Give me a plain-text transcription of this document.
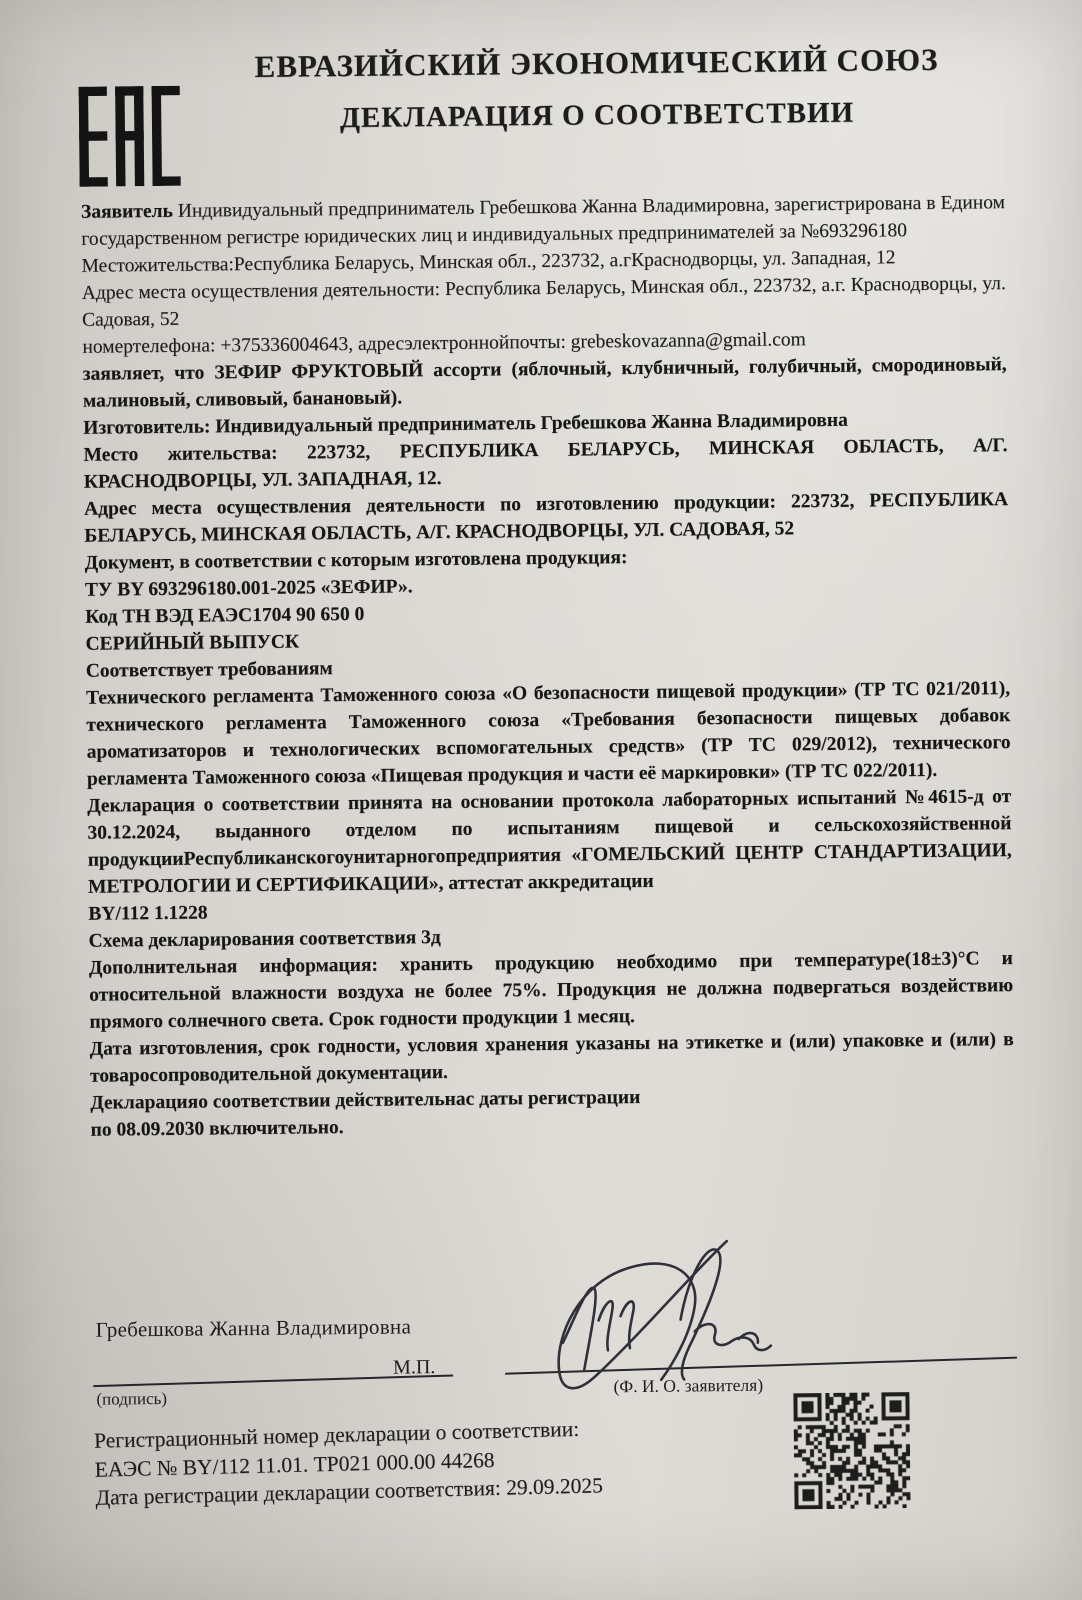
ЕВРАЗИЙСКИЙ ЭКОНОМИЧЕСКИЙ СОЮЗ
ДЕКЛАРАЦИЯ О СООТВЕТСТВИИ

Заявитель Индивидуальный предприниматель Гребешкова Жанна Владимировна, зарегистрирована в Едином государственном регистре юридических лиц и индивидуальных предпринимателей за №693296180

Местожительства:Республика Беларусь, Минская обл., 223732, а.гКраснодворцы, ул. Западная, 12

Адрес места осуществления деятельности: Республика Беларусь, Минская обл., 223732, а.г. Краснодворцы, ул. Садовая, 52

номертелефона: +375336004643, адресэлектроннойпочты: grebeskovazanna@gmail.com

заявляет, что ЗЕФИР ФРУКТОВЫЙ ассорти (яблочный, клубничный, голубичный, смородиновый, малиновый, сливовый, банановый).

Изготовитель: Индивидуальный предприниматель Гребешкова Жанна Владимировна

Место жительства: 223732, РЕСПУБЛИКА БЕЛАРУСЬ, МИНСКАЯ ОБЛАСТЬ, А/Г. КРАСНОДВОРЦЫ, УЛ. ЗАПАДНАЯ, 12.

Адрес места осуществления деятельности по изготовлению продукции: 223732, РЕСПУБЛИКА БЕЛАРУСЬ, МИНСКАЯ ОБЛАСТЬ, А/Г. КРАСНОДВОРЦЫ, УЛ. САДОВАЯ, 52

Документ, в соответствии с которым изготовлена продукция:

ТУ BY 693296180.001-2025 «ЗЕФИР».

Код ТН ВЭД ЕАЭС1704 90 650 0

СЕРИЙНЫЙ ВЫПУСК

Соответствует требованиям

Технического регламента Таможенного союза «О безопасности пищевой продукции» (ТР ТС 021/2011), технического регламента Таможенного союза «Требования безопасности пищевых добавок ароматизаторов и технологических вспомогательных средств» (ТР ТС 029/2012), технического регламента Таможенного союза «Пищевая продукция и части её маркировки» (ТР ТС 022/2011).

Декларация о соответствии принята на основании протокола лабораторных испытаний №4615-д от 30.12.2024, выданного отделом по испытаниям пищевой и сельскохозяйственной продукцииРеспубликанскогоунитарногопредприятия «ГОМЕЛЬСКИЙ ЦЕНТР СТАНДАРТИЗАЦИИ, МЕТРОЛОГИИ И СЕРТИФИКАЦИИ», аттестат аккредитации

BY/112 1.1228

Схема декларирования соответствия 3д

Дополнительная информация: хранить продукцию необходимо при температуре(18±3)°С и относительной влажности воздуха не более 75%. Продукция не должна подвергаться воздействию прямого солнечного света. Срок годности продукции 1 месяц.

Дата изготовления, срок годности, условия хранения указаны на этикетке и (или) упаковке и (или) в товаросопроводительной документации.

Декларацияо соответствии действительнас даты регистрации

по 08.09.2030 включительно.

Гребешкова Жанна Владимировна
(подпись)
М.П.
(Ф. И. О. заявителя)
Регистрационный номер декларации о соответствии:
ЕАЭС № BY/112 11.01. ТР021 000.00 44268
Дата регистрации декларации соответствия: 29.09.2025
